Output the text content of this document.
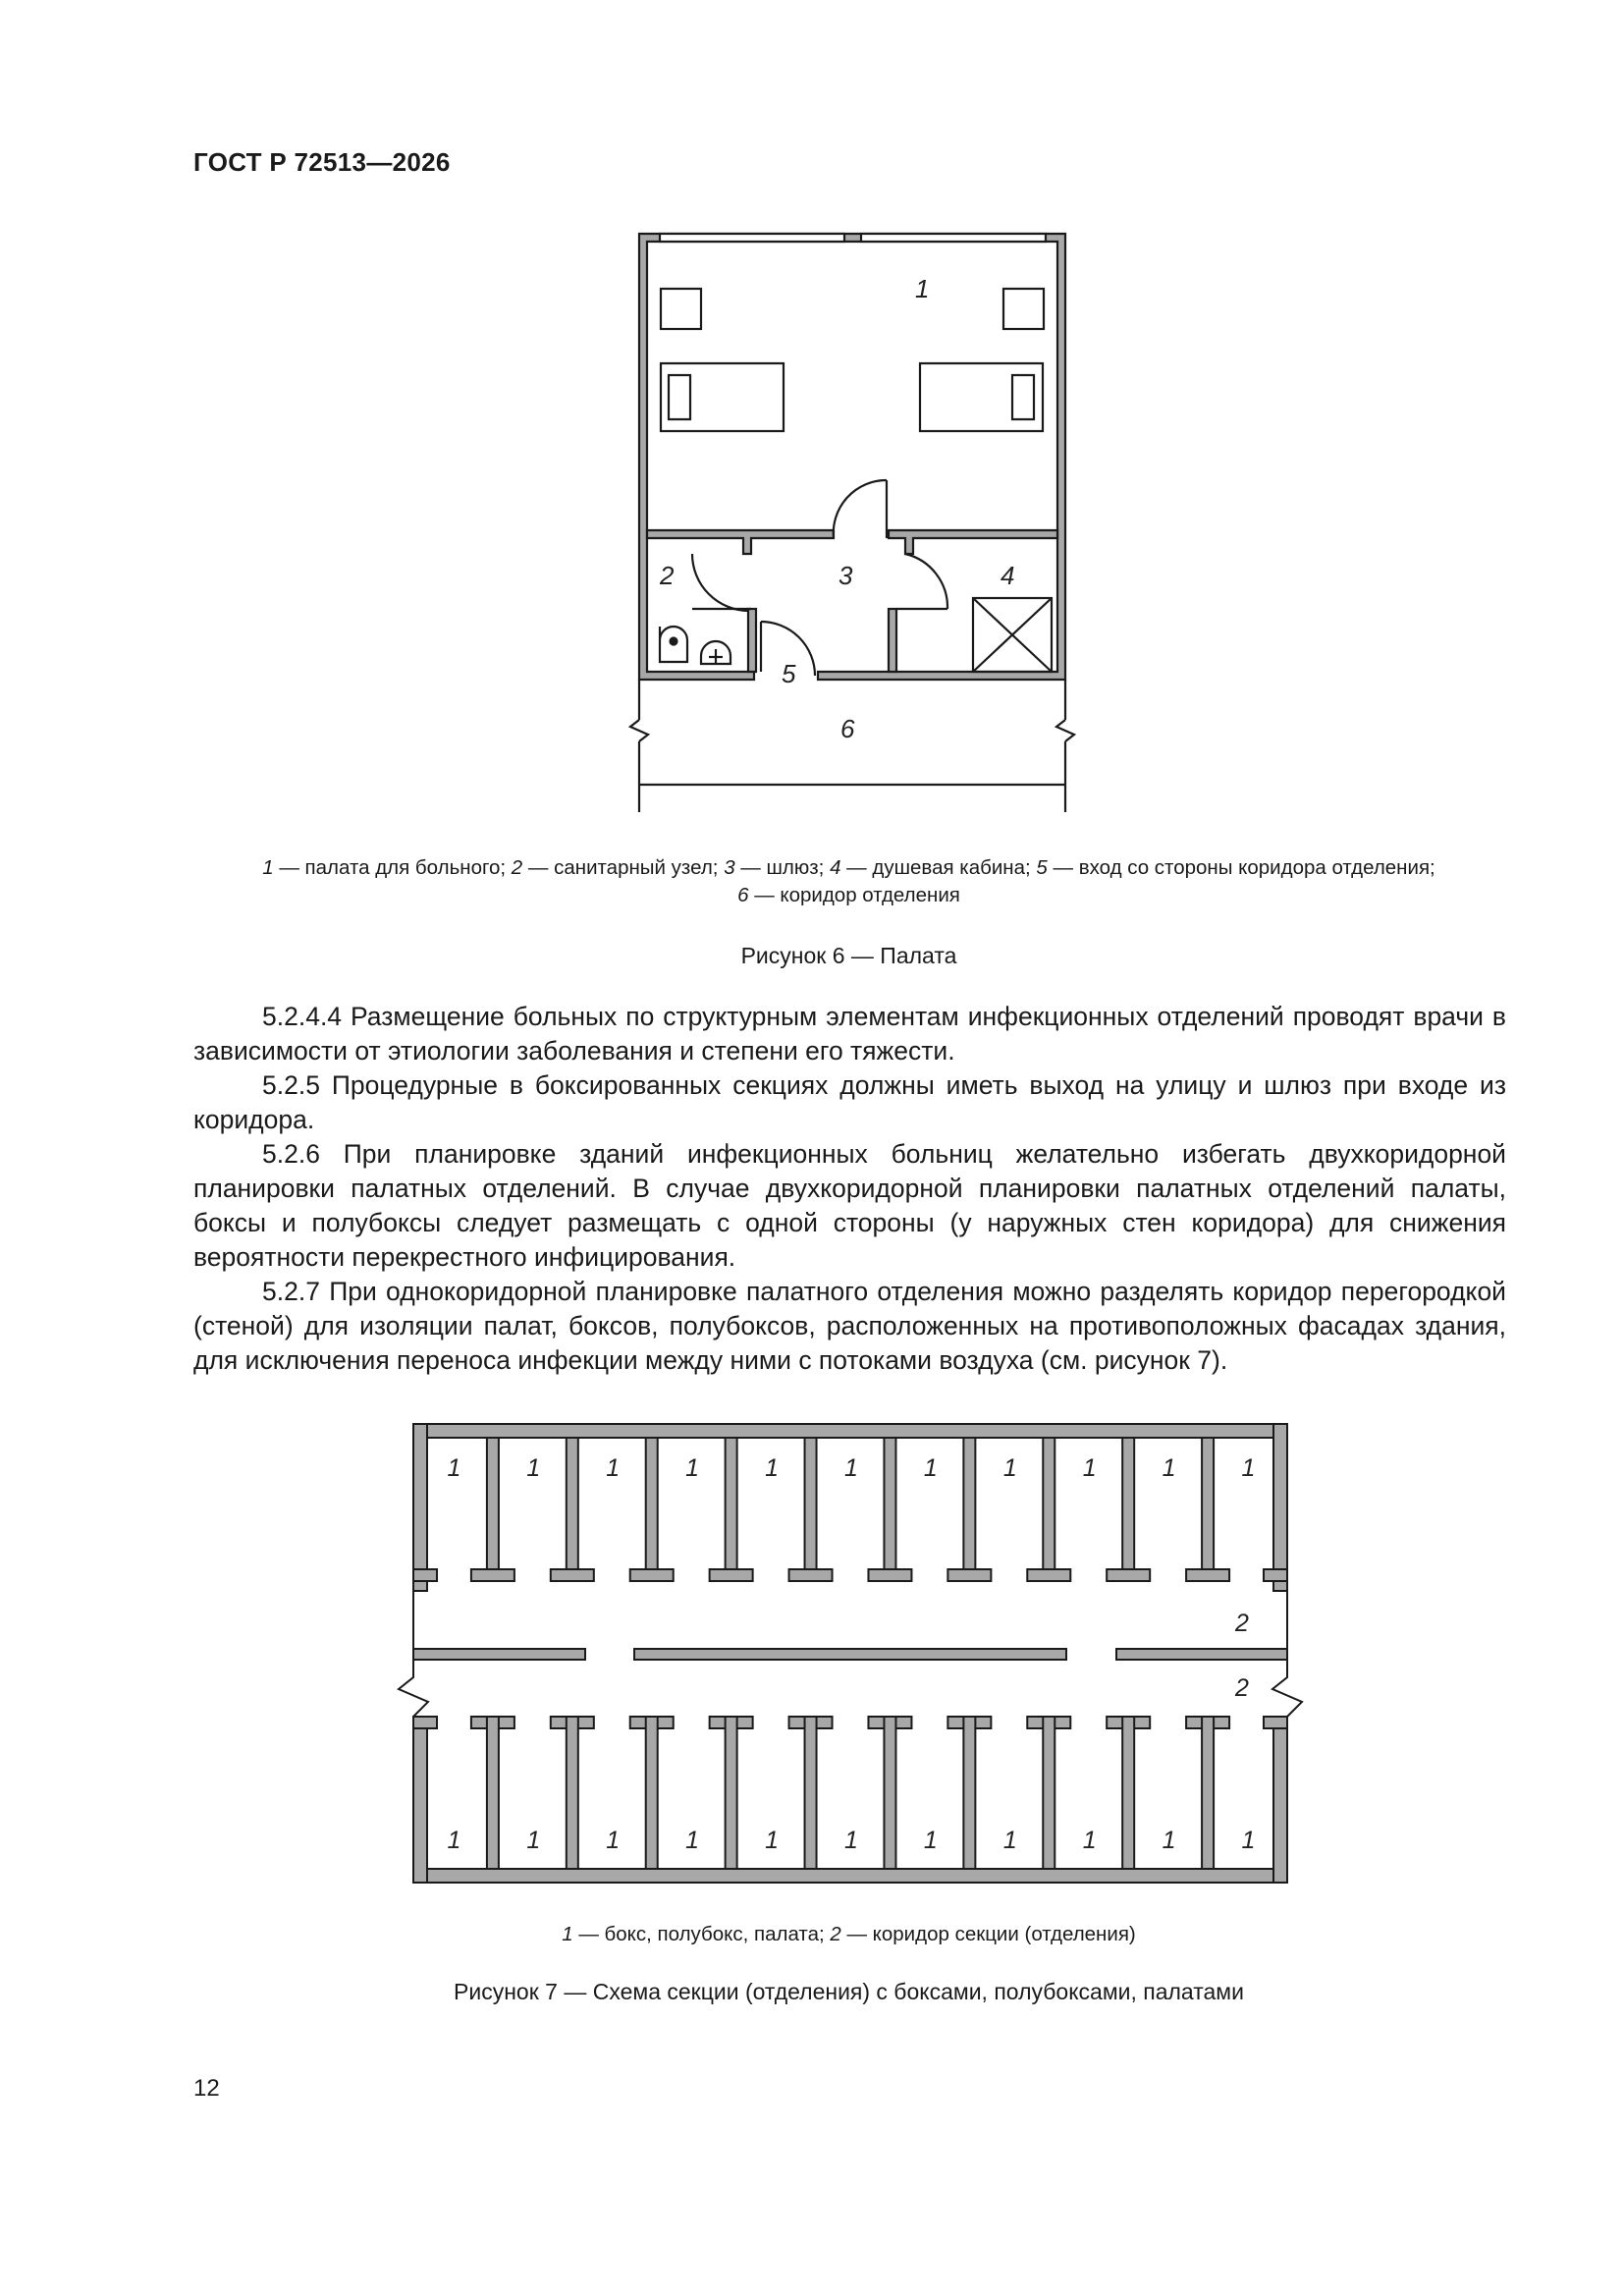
ГОСТ Р 72513—2026
1
2	3	4
5
6
1 — палата для больного; 2 — санитарный узел; 3 — шлюз; 4 — душевая кабина; 5 — вход со стороны коридора отделения;
6 — коридор отделения
Рисунок 6 — Палата

5.2.4.4 Размещение больных по структурным элементам инфекционных отделений проводят врачи в зависимости от этиологии заболевания и степени его тяжести.

5.2.5 Процедурные в боксированных секциях должны иметь выход на улицу и шлюз при входе из коридора.

5.2.6 При планировке зданий инфекционных больниц желательно избегать двухкоридорной планировки палатных отделений. В случае двухкоридорной планировки палатных отделений палаты, боксы и полубоксы следует размещать с одной стороны (у наружных стен коридора) для снижения вероятности перекрестного инфицирования.

5.2.7 При однокоридорной планировке палатного отделения можно разделять коридор перегородкой (стеной) для изоляции палат, боксов, полубоксов, расположенных на противоположных фасадах здания, для исключения переноса инфекции между ними с потоками воздуха (см. рисунок 7).

1
1
1
1
1
1
1
1
1
1
1
1
1
1
1
1
1
1
1
1
1
1
2
2
1 — бокс, полубокс, палата; 2 — коридор секции (отделения)
Рисунок 7 — Схема секции (отделения) с боксами, полубоксами, палатами
12
